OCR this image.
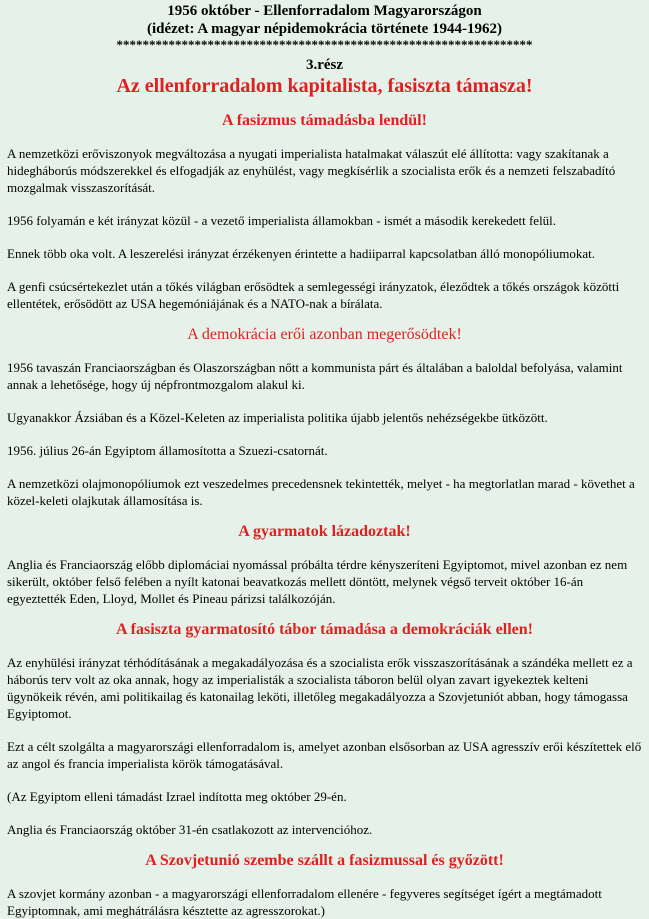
1956 október - Ellenforradalom Magyarországon
(idézet: A magyar népidemokrácia története 1944-1962)
****************************************************************
3.rész
Az ellenforradalom kapitalista, fasiszta támasza!
A fasizmus támadásba lendül!

A nemzetközi erőviszonyok megváltozása a nyugati imperialista hatalmakat válaszút elé állította: vagy szakítanak a hidegháborús módszerekkel és elfogadják az enyhülést, vagy megkísérlik a szocialista erők és a nemzeti felszabadító mozgalmak visszaszorítását.

1956 folyamán e két irányzat közül - a vezető imperialista államokban - ismét a második kerekedett felül.

Ennek több oka volt. A leszerelési irányzat érzékenyen érintette a hadiiparral kapcsolatban álló monopóliumokat.

A genfi csúcsértekezlet után a tőkés világban erősödtek a semlegességi irányzatok, éleződtek a tőkés országok közötti ellentétek, erősödött az USA hegemóniájának és a NATO-nak a bírálata.

A demokrácia erői azonban megerősödtek!

1956 tavaszán Franciaországban és Olaszországban nőtt a kommunista párt és általában a baloldal befolyása, valamint annak a lehetősége, hogy új népfrontmozgalom alakul ki.

Ugyanakkor Ázsiában és a Közel-Keleten az imperialista politika újabb jelentős nehézségekbe ütközött.

1956. július 26-án Egyiptom államosította a Szuezi-csatornát.

A nemzetközi olajmonopóliumok ezt veszedelmes precedensnek tekintették, melyet - ha megtorlatlan marad - követhet a közel-keleti olajkutak államosítása is.

A gyarmatok lázadoztak!

Anglia és Franciaország előbb diplomáciai nyomással próbálta térdre kényszeríteni Egyiptomot, mivel azonban ez nem sikerült, október felső felében a nyílt katonai beavatkozás mellett döntött, melynek végső terveit október 16-án egyeztették Eden, Lloyd, Mollet és Pineau párizsi találkozóján.

A fasiszta gyarmatosító tábor támadása a demokráciák ellen!

Az enyhülési irányzat térhódításának a megakadályozása és a szocialista erők visszaszorításának a szándéka mellett ez a háborús terv volt az oka annak, hogy az imperialisták a szocialista táboron belül olyan zavart igyekeztek kelteni ügynökeik révén, ami politikailag és katonailag leköti, illetőleg megakadályozza a Szovjetuniót abban, hogy támogassa Egyiptomot.

Ezt a célt szolgálta a magyarországi ellenforradalom is, amelyet azonban elsősorban az USA agresszív erői készítettek elő az angol és francia imperialista körök támogatásával.

(Az Egyiptom elleni támadást Izrael indította meg október 29-én.

Anglia és Franciaország október 31-én csatlakozott az intervencióhoz.

A Szovjetunió szembe szállt a fasizmussal és győzött!

A szovjet kormány azonban - a magyarországi ellenforradalom ellenére - fegyveres segítséget ígért a megtámadott Egyiptomnak, ami meghátrálásra késztette az agresszorokat.)
